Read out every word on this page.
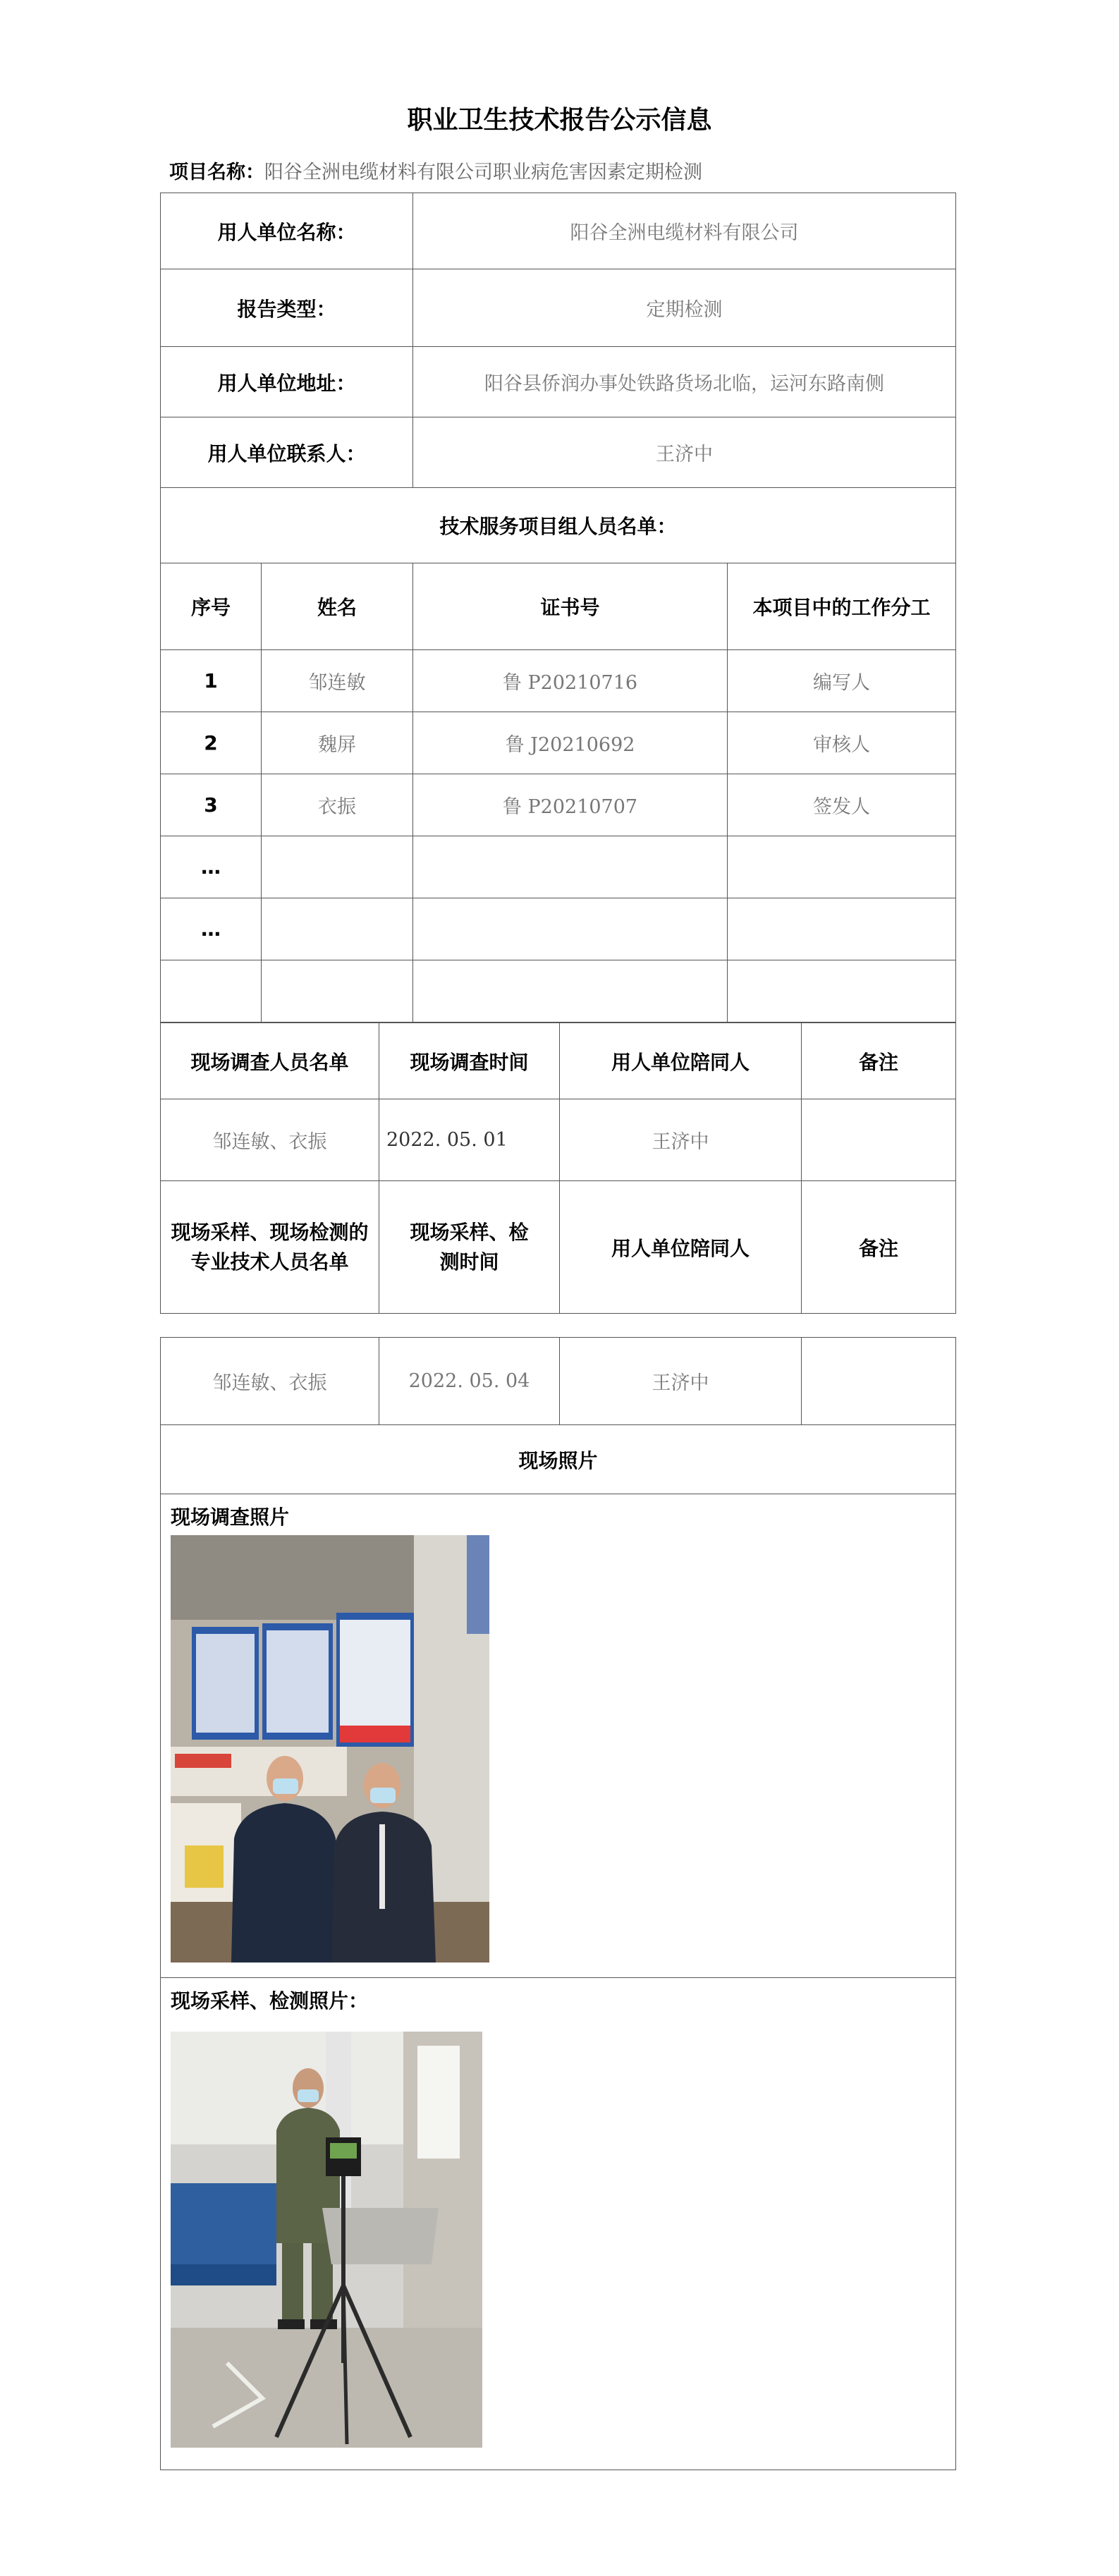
职业卫生技术报告公示信息
项目名称：阳谷全洲电缆材料有限公司职业病危害因素定期检测
用人单位名称：		阳谷全洲电缆材料有限公司	
报告类型：		定期检测	
用人单位地址：		阳谷县侨润办事处铁路货场北临，运河东路南侧	
用人单位联系人：		王济中	
技术服务项目组人员名单：			
序号	姓名	证书号	本项目中的工作分工
1	邹连敏	鲁 P20210716	编写人
2	魏屏	鲁 J20210692	审核人
3	衣振	鲁 P20210707	签发人
…			
…			

现场调查人员名单	现场调查时间	用人单位陪同人	备注
邹连敏、衣振	2022. 05. 01	王济中	
现场采样、现场检测的专业技术人员名单	现场采样、检测时间	用人单位陪同人	备注
邹连敏、衣振	2022. 05. 04	王济中	
现场照片

现场调查照片

现场采样、检测照片：
